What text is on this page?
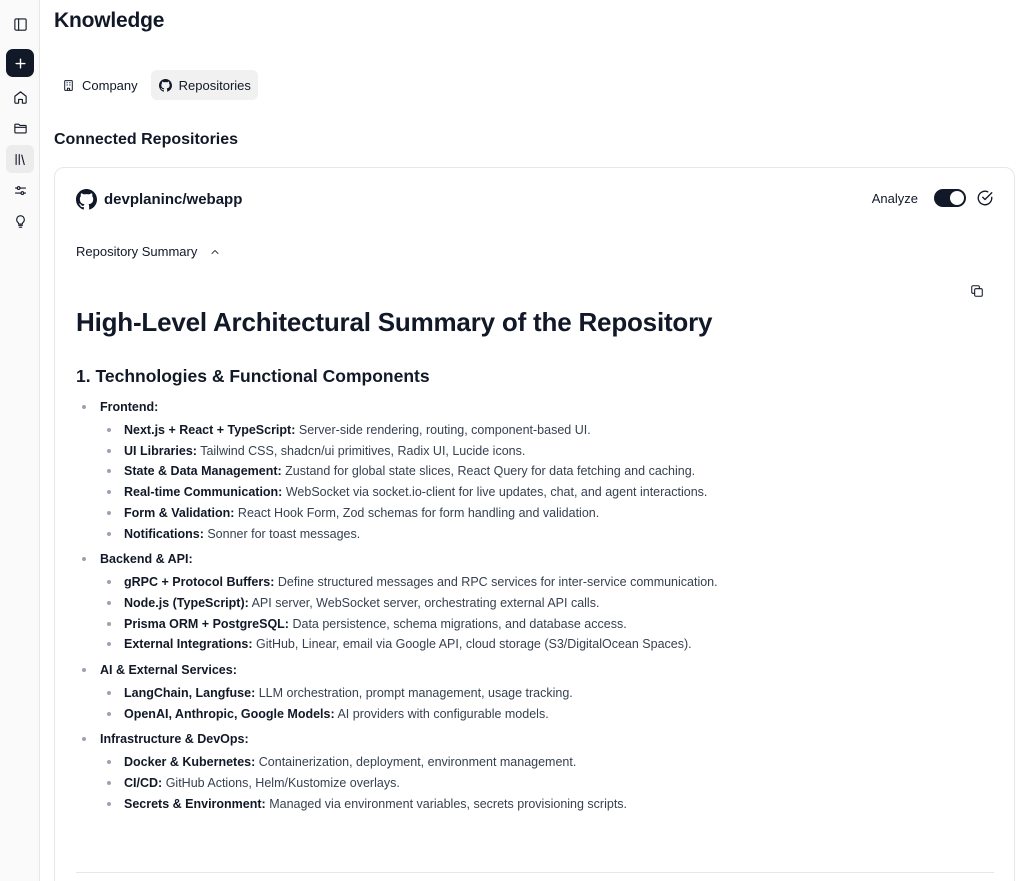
Knowledge
Company	Repositories
Connected Repositories
devplaninc/webapp	Analyze
Repository Summary
High-Level Architectural Summary of the Repository
1. Technologies & Functional Components
Frontend:
Next.js + React + TypeScript: Server-side rendering, routing, component-based UI.
UI Libraries: Tailwind CSS, shadcn/ui primitives, Radix UI, Lucide icons.
State & Data Management: Zustand for global state slices, React Query for data fetching and caching.
Real-time Communication: WebSocket via socket.io-client for live updates, chat, and agent interactions.
Form & Validation: React Hook Form, Zod schemas for form handling and validation.
Notifications: Sonner for toast messages.
Backend & API:
gRPC + Protocol Buffers: Define structured messages and RPC services for inter-service communication.
Node.js (TypeScript): API server, WebSocket server, orchestrating external API calls.
Prisma ORM + PostgreSQL: Data persistence, schema migrations, and database access.
External Integrations: GitHub, Linear, email via Google API, cloud storage (S3/DigitalOcean Spaces).
AI & External Services:
LangChain, Langfuse: LLM orchestration, prompt management, usage tracking.
OpenAI, Anthropic, Google Models: AI providers with configurable models.
Infrastructure & DevOps:
Docker & Kubernetes: Containerization, deployment, environment management.
CI/CD: GitHub Actions, Helm/Kustomize overlays.
Secrets & Environment: Managed via environment variables, secrets provisioning scripts.
